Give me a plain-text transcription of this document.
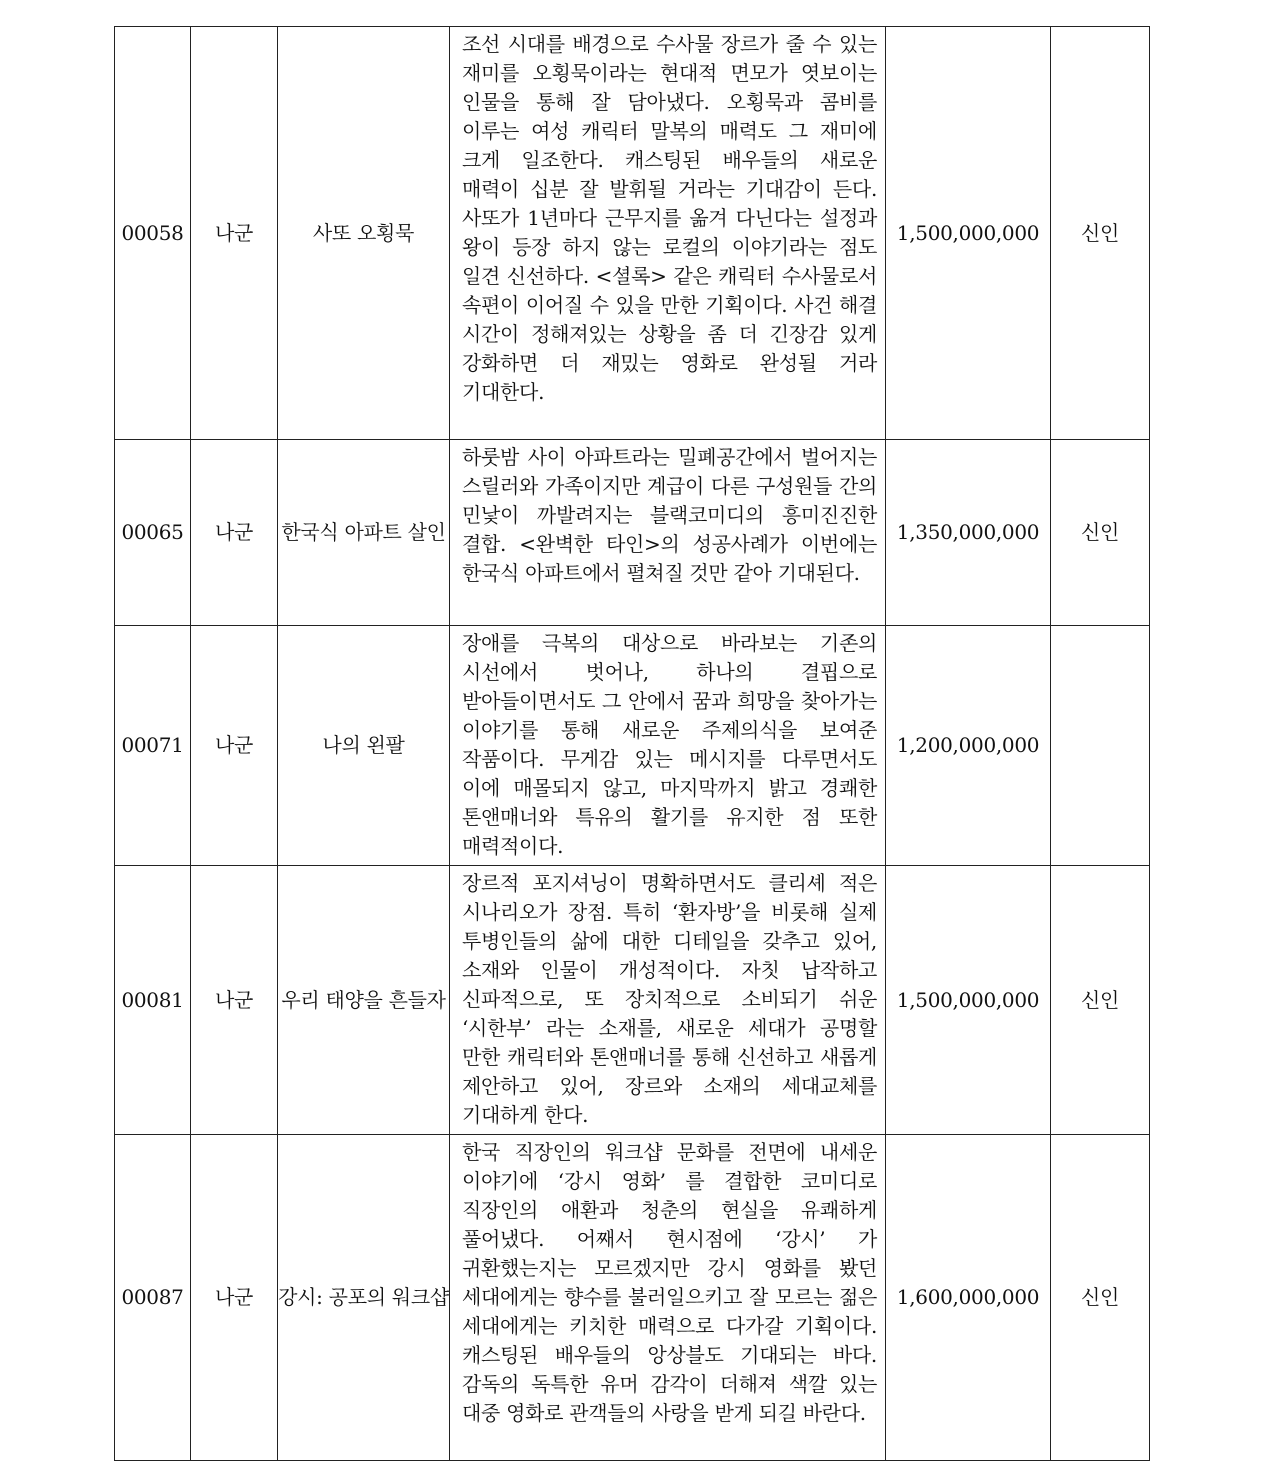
00058	나군	사또 오횡묵	조선 시대를 배경으로 수사물 장르가 줄 수 있는 재미를 오횡묵이라는 현대적 면모가 엿보이는 인물을 통해 잘 담아냈다. 오횡묵과 콤비를 이루는 여성 캐릭터 말복의 매력도 그 재미에 크게 일조한다. 캐스팅된 배우들의 새로운 매력이 십분 잘 발휘될 거라는 기대감이 든다. 사또가 1년마다 근무지를 옮겨 다닌다는 설정과 왕이 등장 하지 않는 로컬의 이야기라는 점도 일견 신선하다. <셜록> 같은 캐릭터 수사물로서 속편이 이어질 수 있을 만한 기획이다. 사건 해결 시간이 정해져있는 상황을 좀 더 긴장감 있게 강화하면 더 재밌는 영화로 완성될 거라 기대한다.	1,500,000,000	신인
00065	나군	한국식 아파트 살인	하룻밤 사이 아파트라는 밀폐공간에서 벌어지는 스릴러와 가족이지만 계급이 다른 구성원들 간의 민낯이 까발려지는 블랙코미디의 흥미진진한 결합. <완벽한 타인>의 성공사례가 이번에는 한국식 아파트에서 펼쳐질 것만 같아 기대된다.	1,350,000,000	신인
00071	나군	나의 왼팔	장애를 극복의 대상으로 바라보는 기존의 시선에서 벗어나, 하나의 결핍으로 받아들이면서도 그 안에서 꿈과 희망을 찾아가는 이야기를 통해 새로운 주제의식을 보여준 작품이다. 무게감 있는 메시지를 다루면서도 이에 매몰되지 않고, 마지막까지 밝고 경쾌한 톤앤매너와 특유의 활기를 유지한 점 또한 매력적이다.	1,200,000,000	
00081	나군	우리 태양을 흔들자	장르적 포지셔닝이 명확하면서도 클리셰 적은 시나리오가 장점. 특히 ‘환자방’을 비롯해 실제 투병인들의 삶에 대한 디테일을 갖추고 있어, 소재와 인물이 개성적이다. 자칫 납작하고 신파적으로, 또 장치적으로 소비되기 쉬운 ‘시한부’ 라는 소재를, 새로운 세대가 공명할 만한 캐릭터와 톤앤매너를 통해 신선하고 새롭게 제안하고 있어, 장르와 소재의 세대교체를 기대하게 한다.	1,500,000,000	신인
00087	나군	강시: 공포의 워크샵	한국 직장인의 워크샵 문화를 전면에 내세운 이야기에 ‘강시 영화’ 를 결합한 코미디로 직장인의 애환과 청춘의 현실을 유쾌하게 풀어냈다. 어째서 현시점에 ‘강시’ 가 귀환했는지는 모르겠지만 강시 영화를 봤던 세대에게는 향수를 불러일으키고 잘 모르는 젊은 세대에게는 키치한 매력으로 다가갈 기획이다. 캐스팅된 배우들의 앙상블도 기대되는 바다. 감독의 독특한 유머 감각이 더해져 색깔 있는 대중 영화로 관객들의 사랑을 받게 되길 바란다.	1,600,000,000	신인
